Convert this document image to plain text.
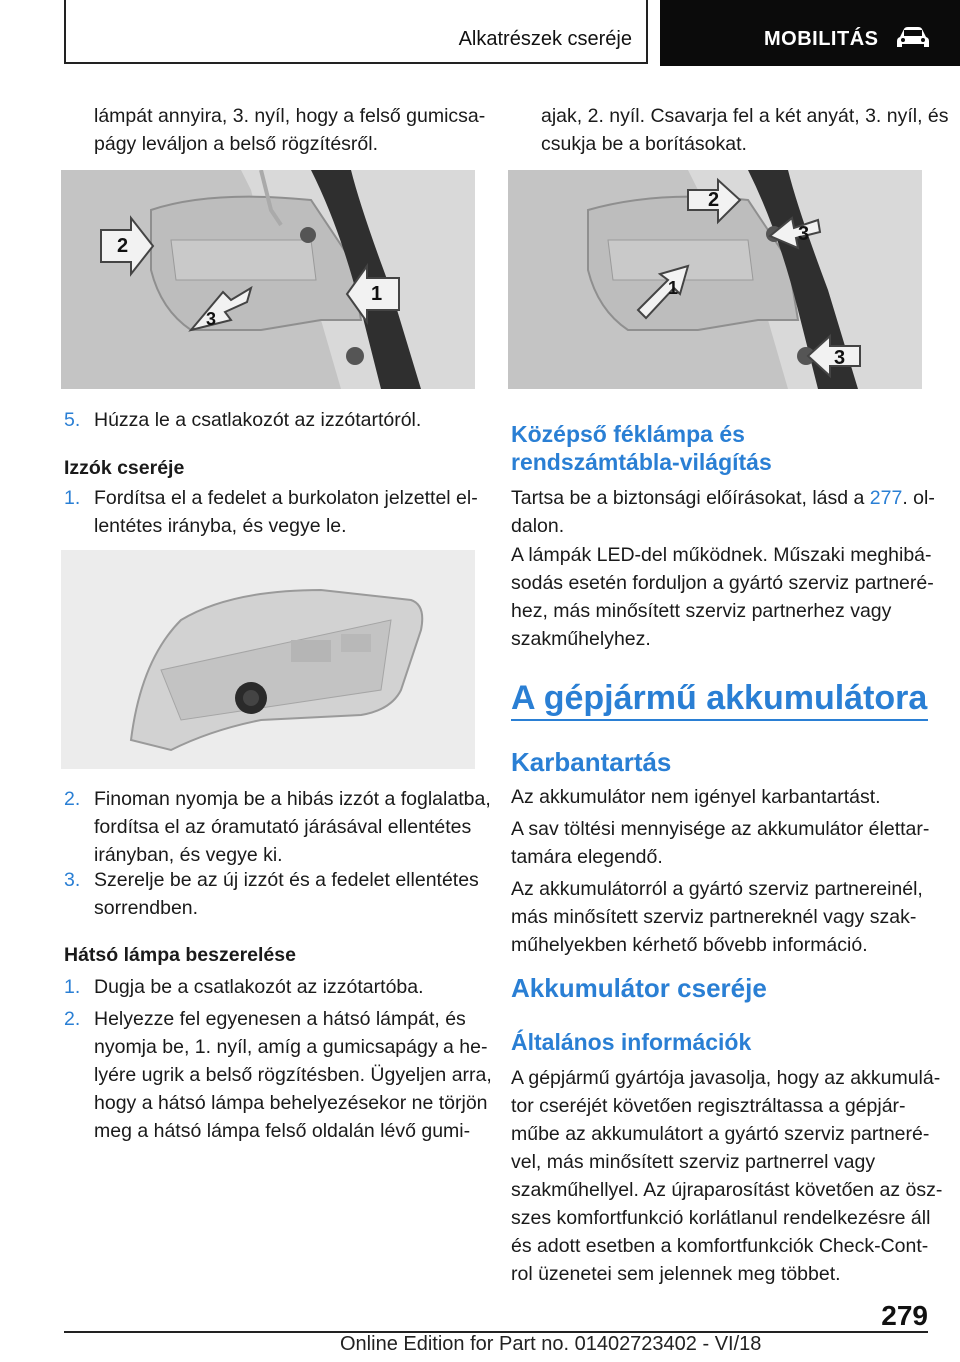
Alkatrészek cseréje	MOBILITÁS
lámpát annyira, 3. nyíl, hogy a felső gumicsa-
págy leváljon a belső rögzítésről.
2
1
3
5. Húzza le a csatlakozót az izzótartóról.
Izzók cseréje
1. Fordítsa el a fedelet a burkolaton jelzettel el-
lentétes irányba, és vegye le.
2. Finoman nyomja be a hibás izzót a foglalatba,
fordítsa el az óramutató járásával ellentétes
irányban, és vegye ki.
3. Szerelje be az új izzót és a fedelet ellentétes
sorrendben.
Hátsó lámpa beszerelése
1. Dugja be a csatlakozót az izzótartóba.
2. Helyezze fel egyenesen a hátsó lámpát, és
nyomja be, 1. nyíl, amíg a gumicsapágy a he-
lyére ugrik a belső rögzítésben. Ügyeljen arra,
hogy a hátsó lámpa behelyezésekor ne törjön
meg a hátsó lámpa felső oldalán lévő gumi-
ajak, 2. nyíl. Csavarja fel a két anyát, 3. nyíl, és
csukja be a borításokat.
2
3
1
3
Középső féklámpa és
rendszámtábla-világítás
Tartsa be a biztonsági előírásokat, lásd a 277. ol-
dalon.
A lámpák LED-del működnek. Műszaki meghibá-
sodás esetén forduljon a gyártó szerviz partneré-
hez, más minősített szerviz partnerhez vagy
szakműhelyhez.
A gépjármű akkumulátora
Karbantartás
Az akkumulátor nem igényel karbantartást.
A sav töltési mennyisége az akkumulátor élettar-
tamára elegendő.
Az akkumulátorról a gyártó szerviz partnereinél,
más minősített szerviz partnereknél vagy szak-
műhelyekben kérhető bővebb információ.
Akkumulátor cseréje
Általános információk
A gépjármű gyártója javasolja, hogy az akkumulá-
tor cseréjét követően regisztráltassa a gépjár-
műbe az akkumulátort a gyártó szerviz partneré-
vel, más minősített szerviz partnerrel vagy
szakműhellyel. Az újraparosítást követően az ösz-
szes komfortfunkció korlátlanul rendelkezésre áll
és adott esetben a komfortfunkciók Check-Cont-
rol üzenetei sem jelennek meg többet.
279
Online Edition for Part no. 01402723402 - VI/18
